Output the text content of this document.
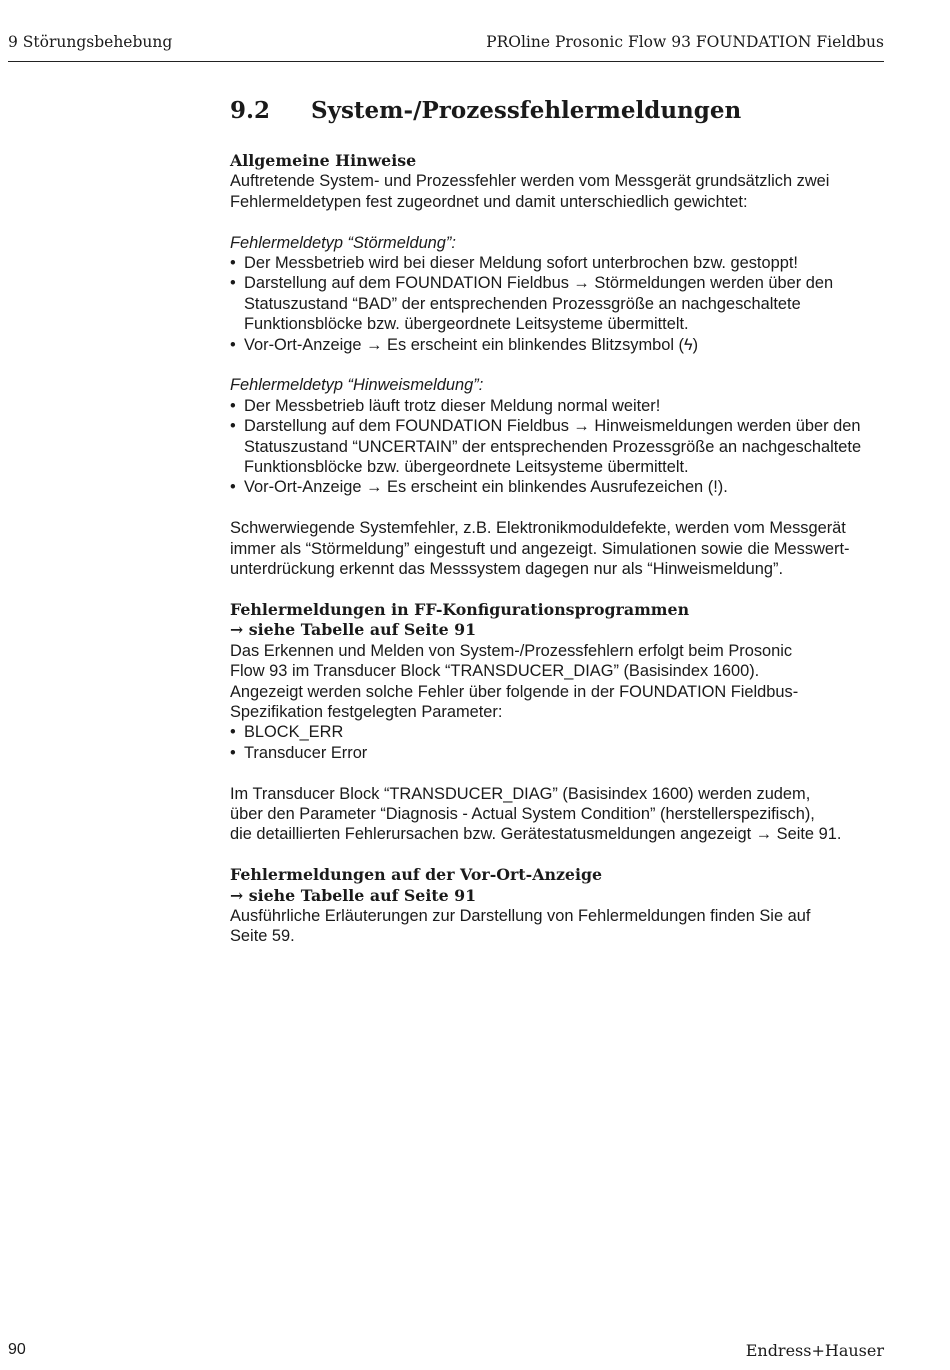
9 Störungsbehebung	PROline Prosonic Flow 93 FOUNDATION Fieldbus
9.2 System-/Prozessfehlermeldungen
Allgemeine Hinweise

Auftretende System- und Prozessfehler werden vom Messgerät grundsätzlich zwei

Fehlermeldetypen fest zugeordnet und damit unterschiedlich gewichtet:

Fehlermeldetyp “Störmeldung”:

• Der Messbetrieb wird bei dieser Meldung sofort unterbrochen bzw. gestoppt!
• Darstellung auf dem FOUNDATION Fieldbus → Störmeldungen werden über den
Statuszustand “BAD” der entsprechenden Prozessgröße an nachgeschaltete
Funktionsblöcke bzw. übergeordnete Leitsysteme übermittelt.
• Vor-Ort-Anzeige → Es erscheint ein blinkendes Blitzsymbol (ϟ)

Fehlermeldetyp “Hinweismeldung”:

• Der Messbetrieb läuft trotz dieser Meldung normal weiter!
• Darstellung auf dem FOUNDATION Fieldbus → Hinweismeldungen werden über den
Statuszustand “UNCERTAIN” der entsprechenden Prozessgröße an nachgeschaltete
Funktionsblöcke bzw. übergeordnete Leitsysteme übermittelt.
• Vor-Ort-Anzeige → Es erscheint ein blinkendes Ausrufezeichen (!).

Schwerwiegende Systemfehler, z.B. Elektronikmoduldefekte, werden vom Messgerät

immer als “Störmeldung” eingestuft und angezeigt. Simulationen sowie die Messwert-

unterdrückung erkennt das Messsystem dagegen nur als “Hinweismeldung”.

Fehlermeldungen in FF-Konfigurationsprogrammen
→ siehe Tabelle auf Seite 91

Das Erkennen und Melden von System-/Prozessfehlern erfolgt beim Prosonic

Flow 93 im Transducer Block “TRANSDUCER_DIAG” (Basisindex 1600).

Angezeigt werden solche Fehler über folgende in der FOUNDATION Fieldbus-

Spezifikation festgelegten Parameter:

• BLOCK_ERR
• Transducer Error

Im Transducer Block “TRANSDUCER_DIAG” (Basisindex 1600) werden zudem,

über den Parameter “Diagnosis - Actual System Condition” (herstellerspezifisch),

die detaillierten Fehlerursachen bzw. Gerätestatusmeldungen angezeigt → Seite 91.

Fehlermeldungen auf der Vor-Ort-Anzeige
→ siehe Tabelle auf Seite 91

Ausführliche Erläuterungen zur Darstellung von Fehlermeldungen finden Sie auf

Seite 59.

90	Endress+Hauser
